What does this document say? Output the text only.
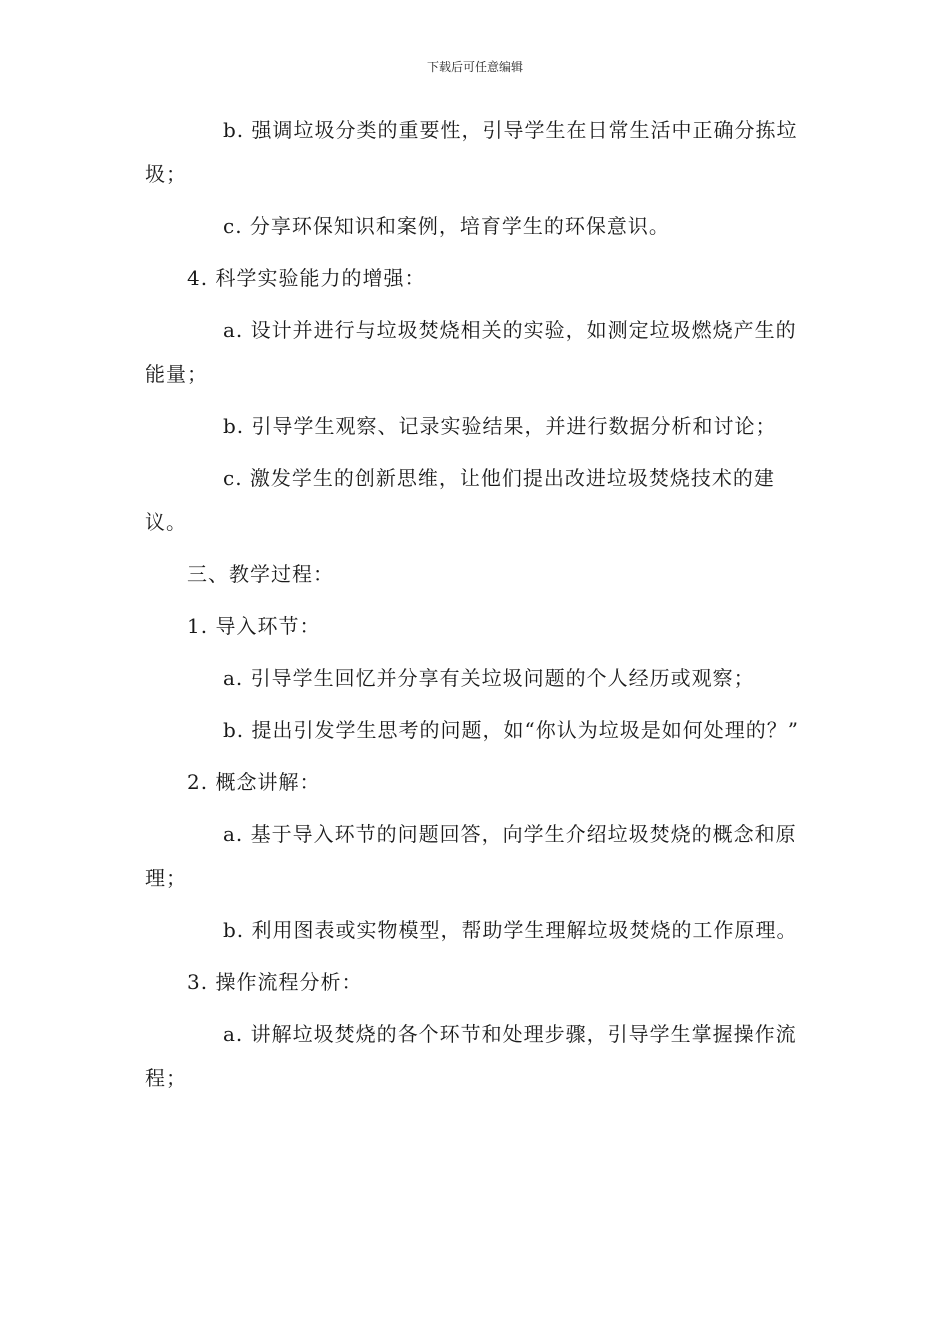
下载后可任意编辑

b. 强调垃圾分类的重要性，引导学生在日常生活中正确分拣垃圾；

c. 分享环保知识和案例，培育学生的环保意识。

4. 科学实验能力的增强：

a. 设计并进行与垃圾焚烧相关的实验，如测定垃圾燃烧产生的能量；

b. 引导学生观察、记录实验结果，并进行数据分析和讨论；

c. 激发学生的创新思维，让他们提出改进垃圾焚烧技术的建议。

三、教学过程：

1. 导入环节：

a. 引导学生回忆并分享有关垃圾问题的个人经历或观察；

b. 提出引发学生思考的问题，如“你认为垃圾是如何处理的？”

2. 概念讲解：

a. 基于导入环节的问题回答，向学生介绍垃圾焚烧的概念和原理；

b. 利用图表或实物模型，帮助学生理解垃圾焚烧的工作原理。

3. 操作流程分析：

a. 讲解垃圾焚烧的各个环节和处理步骤，引导学生掌握操作流程；
